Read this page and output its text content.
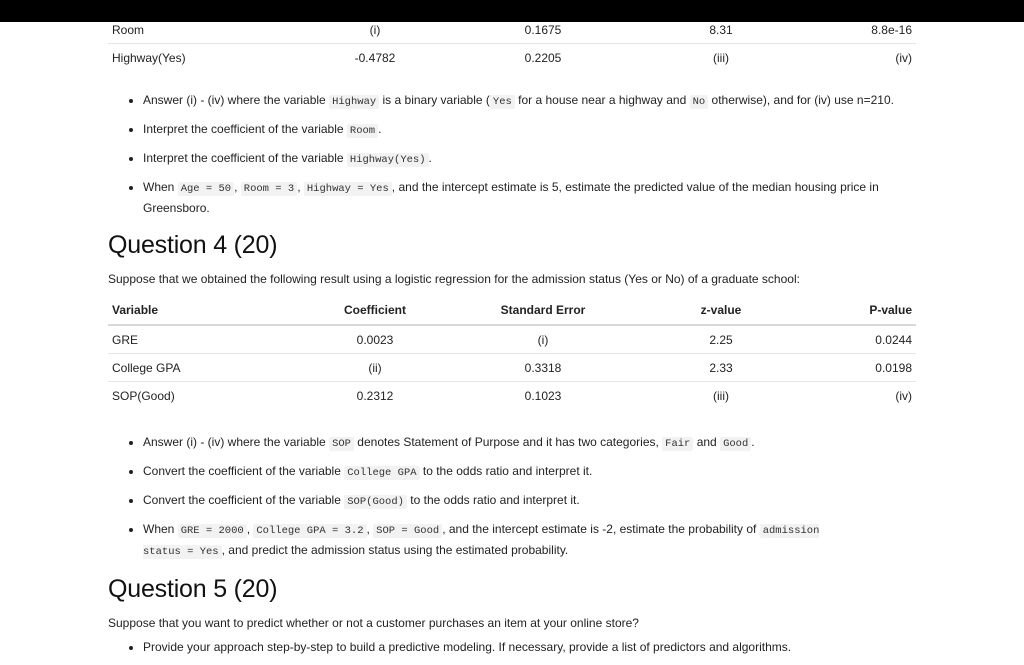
Room	(i)	0.1675	8.31	8.8e-16
Highway(Yes)	-0.4782	0.2205	(iii)	(iv)
• Answer (i) - (iv) where the variable Highway is a binary variable ( Yes for a house near a highway and No otherwise), and for (iv) use n=210.
• Interpret the coefficient of the variable Room .
• Interpret the coefficient of the variable Highway(Yes) .
• When Age = 50 , Room = 3 , Highway = Yes , and the intercept estimate is 5, estimate the predicted value of the median housing price in Greensboro.
Question 4 (20)

Suppose that we obtained the following result using a logistic regression for the admission status (Yes or No) of a graduate school:

Variable	Coefficient	Standard Error	z-value	P-value
GRE	0.0023	(i)	2.25	0.0244
College GPA	(ii)	0.3318	2.33	0.0198
SOP(Good)	0.2312	0.1023	(iii)	(iv)
• Answer (i) - (iv) where the variable SOP denotes Statement of Purpose and it has two categories, Fair and Good .
• Convert the coefficient of the variable College GPA to the odds ratio and interpret it.
• Convert the coefficient of the variable SOP(Good) to the odds ratio and interpret it.
• When GRE = 2000 , College GPA = 3.2 , SOP = Good , and the intercept estimate is -2, estimate the probability of admission status = Yes , and predict the admission status using the estimated probability.
Question 5 (20)

Suppose that you want to predict whether or not a customer purchases an item at your online store?

• Provide your approach step-by-step to build a predictive modeling. If necessary, provide a list of predictors and algorithms.
